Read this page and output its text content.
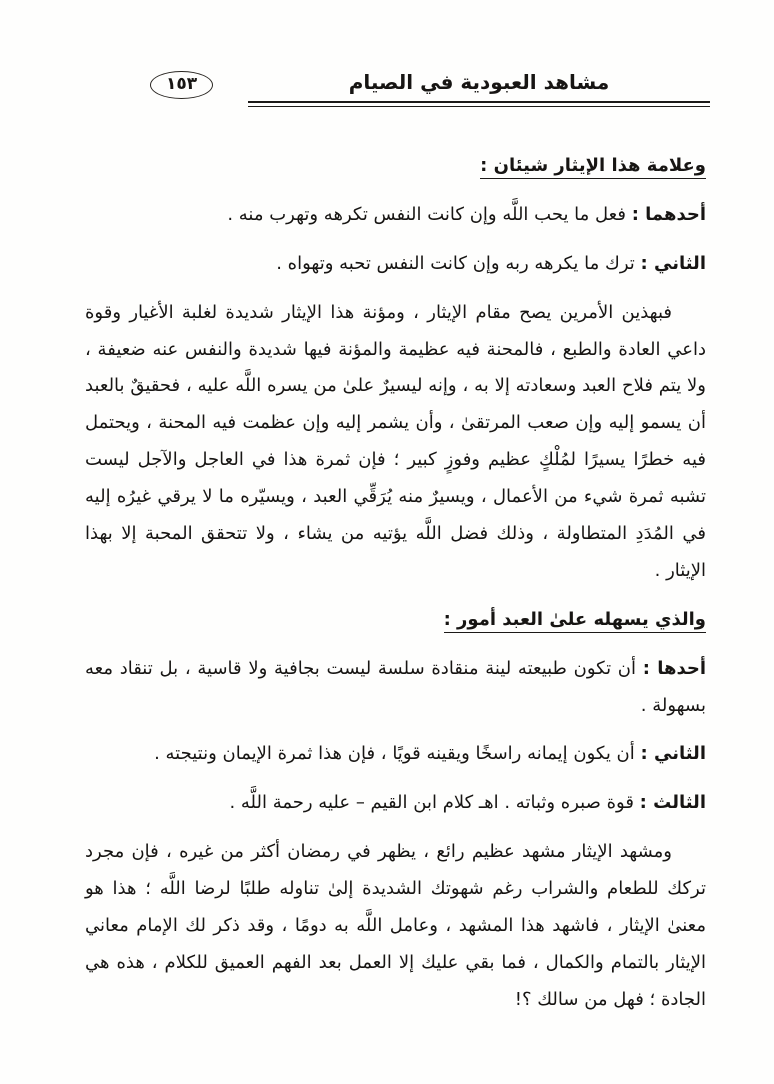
١٥٣	مشاهد العبودية في الصيام

وعلامة هذا الإيثار شيئان :

أحدهما : فعل ما يحب اللَّه وإن كانت النفس تكرهه وتهرب منه .

الثاني : ترك ما يكرهه ربه وإن كانت النفس تحبه وتهواه .

فبهذين الأمرين يصح مقام الإيثار ، ومؤنة هذا الإيثار شديدة لغلبة الأغيار وقوة داعي العادة والطبع ، فالمحنة فيه عظيمة والمؤنة فيها شديدة والنفس عنه ضعيفة ، ولا يتم فلاح العبد وسعادته إلا به ، وإنه ليسيرٌ علىٰ من يسره اللَّه عليه ، فحقيقٌ بالعبد أن يسمو إليه وإن صعب المرتقىٰ ، وأن يشمر إليه وإن عظمت فيه المحنة ، ويحتمل فيه خطرًا يسيرًا لمُلْكٍ عظيم وفوزٍ كبير ؛ فإن ثمرة هذا في العاجل والآجل ليست تشبه ثمرة شيء من الأعمال ، ويسيرٌ منه يُرَقِّي العبد ، ويسيّره ما لا يرقي غيرُه إليه في المُدَدِ المتطاولة ، وذلك فضل اللَّه يؤتيه من يشاء ، ولا تتحقق المحبة إلا بهذا الإيثار .

والذي يسهله علىٰ العبد أمور :

أحدها : أن تكون طبيعته لينة منقادة سلسة ليست بجافية ولا قاسية ، بل تنقاد معه بسهولة .

الثاني : أن يكون إيمانه راسخًا ويقينه قويًا ، فإن هذا ثمرة الإيمان ونتيجته .

الثالث : قوة صبره وثباته . اهـ كلام ابن القيم – عليه رحمة اللَّه .

ومشهد الإيثار مشهد عظيم رائع ، يظهر في رمضان أكثر من غيره ، فإن مجرد تركك للطعام والشراب رغم شهوتك الشديدة إلىٰ تناوله طلبًا لرضا اللَّه ؛ هذا هو معنىٰ الإيثار ، فاشهد هذا المشهد ، وعامل اللَّه به دومًا ، وقد ذكر لك الإمام معاني الإيثار بالتمام والكمال ، فما بقي عليك إلا العمل بعد الفهم العميق للكلام ، هذه هي الجادة ؛ فهل من سالك ؟!
